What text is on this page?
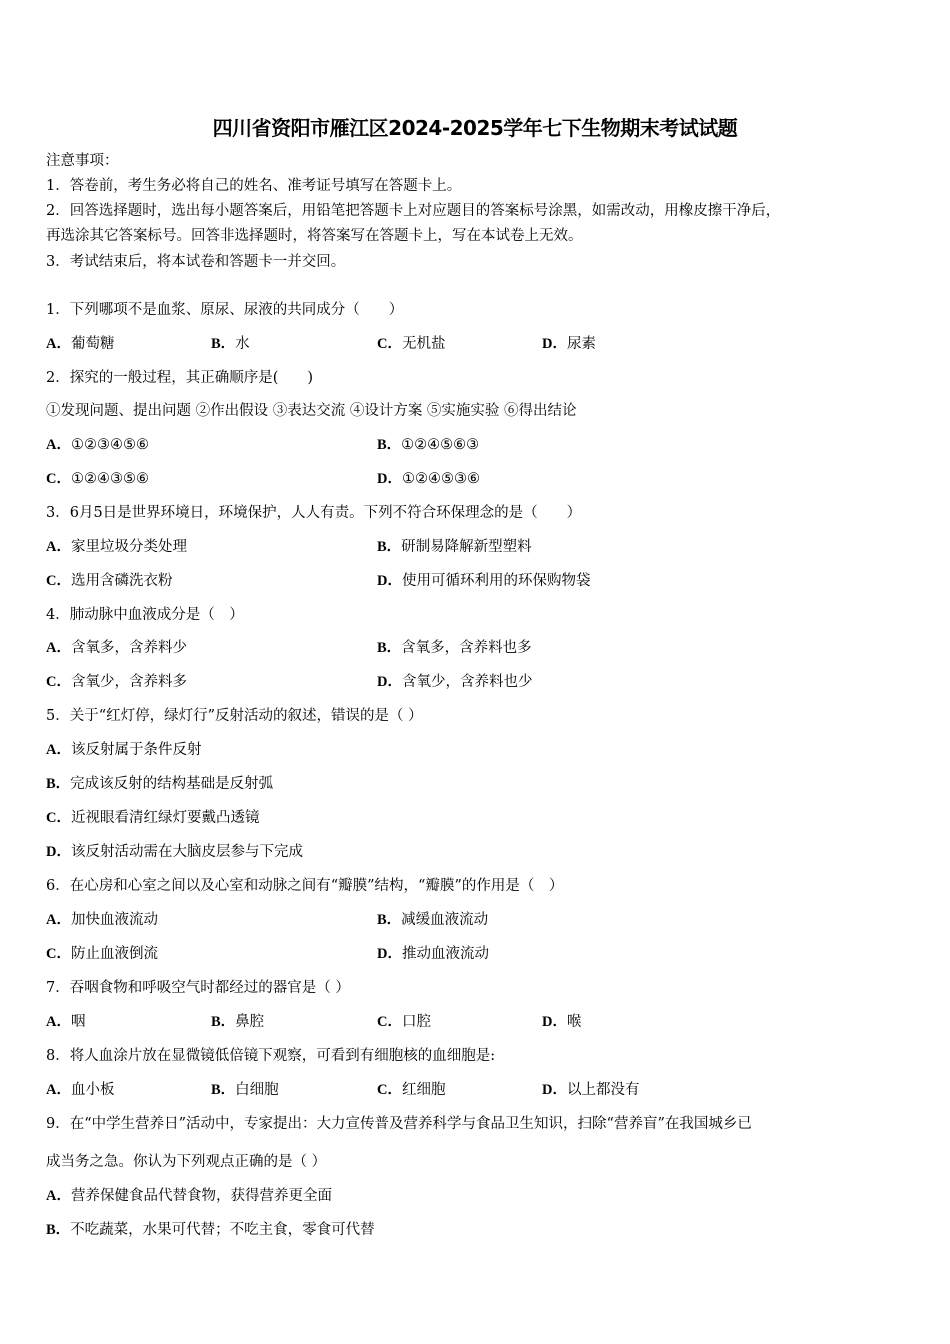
四川省资阳市雁江区2024-2025学年七下生物期末考试试题
注意事项：
1．答卷前，考生务必将自己的姓名、准考证号填写在答题卡上。
2．回答选择题时，选出每小题答案后，用铅笔把答题卡上对应题目的答案标号涂黑，如需改动，用橡皮擦干净后，
再选涂其它答案标号。回答非选择题时，将答案写在答题卡上，写在本试卷上无效。
3．考试结束后，将本试卷和答题卡一并交回。
1．下列哪项不是血浆、原尿、尿液的共同成分（　　）
A．葡萄糖	B．水	C．无机盐	D．尿素
2．探究的一般过程，其正确顺序是(　　)
①发现问题、提出问题 ②作出假设 ③表达交流 ④设计方案 ⑤实施实验 ⑥得出结论
A．①②③④⑤⑥	B．①②④⑤⑥③
C．①②④③⑤⑥	D．①②④⑤③⑥
3．6月5日是世界环境日，环境保护，人人有责。下列不符合环保理念的是（　　）
A．家里垃圾分类处理	B．研制易降解新型塑料
C．选用含磷洗衣粉	D．使用可循环利用的环保购物袋
4．肺动脉中血液成分是（　）
A．含氧多，含养料少	B．含氧多，含养料也多
C．含氧少，含养料多	D．含氧少，含养料也少
5．关于“红灯停，绿灯行”反射活动的叙述，错误的是（ ）
A．该反射属于条件反射
B．完成该反射的结构基础是反射弧
C．近视眼看清红绿灯要戴凸透镜
D．该反射活动需在大脑皮层参与下完成
6．在心房和心室之间以及心室和动脉之间有“瓣膜”结构，“瓣膜”的作用是（　）
A．加快血液流动	B．减缓血液流动
C．防止血液倒流	D．推动血液流动
7．吞咽食物和呼吸空气时都经过的器官是（ ）
A．咽	B．鼻腔	C．口腔	D．喉
8．将人血涂片放在显微镜低倍镜下观察，可看到有细胞核的血细胞是:
A．血小板	B．白细胞	C．红细胞	D．以上都没有
9．在“中学生营养日”活动中，专家提出：大力宣传普及营养科学与食品卫生知识，扫除“营养盲”在我国城乡已
成当务之急。你认为下列观点正确的是（ ）
A．营养保健食品代替食物，获得营养更全面
B．不吃蔬菜，水果可代替；不吃主食，零食可代替
